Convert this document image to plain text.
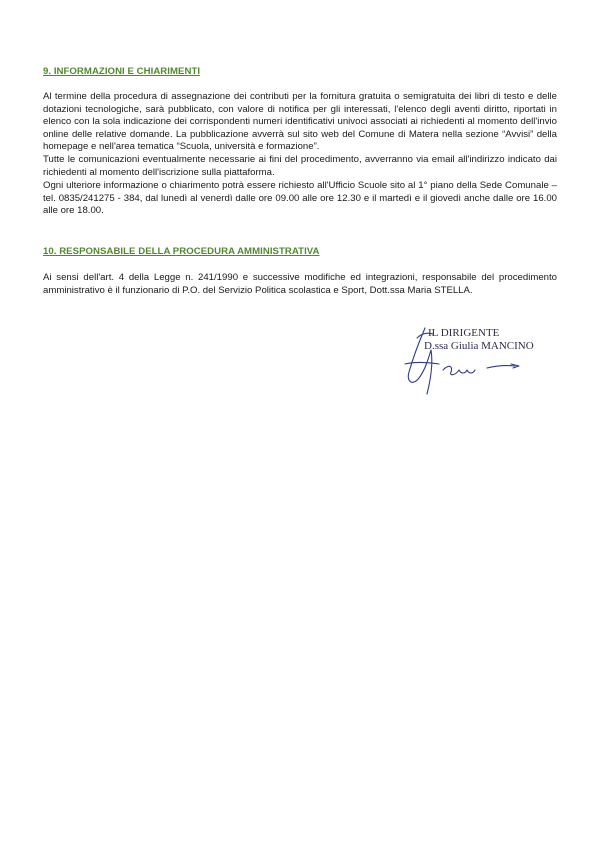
9. INFORMAZIONI E CHIARIMENTI

Al termine della procedura di assegnazione dei contributi per la fornitura gratuita o semigratuita dei libri di testo e delle dotazioni tecnologiche, sarà pubblicato, con valore di notifica per gli interessati, l'elenco degli aventi diritto, riportati in elenco con la sola indicazione dei corrispondenti numeri identificativi univoci associati ai richiedenti al momento dell'invio online delle relative domande. La pubblicazione avverrà sul sito web del Comune di Matera nella sezione “Avvisi” della homepage e nell'area tematica “Scuola, università e formazione”.

Tutte le comunicazioni eventualmente necessarie ai fini del procedimento, avverranno via email all'indirizzo indicato dai richiedenti al momento dell'iscrizione sulla piattaforma.

Ogni ulteriore informazione o chiarimento potrà essere richiesto all'Ufficio Scuole sito al 1° piano della Sede Comunale – tel. 0835/241275 - 384, dal lunedì al venerdì dalle ore 09.00 alle ore 12.30 e il martedì e il giovedì anche dalle ore 16.00 alle ore 18.00.

10. RESPONSABILE DELLA PROCEDURA AMMINISTRATIVA

Ai sensi dell'art. 4 della Legge n. 241/1990 e successive modifiche ed integrazioni, responsabile del procedimento amministrativo è il funzionario di P.O. del Servizio Politica scolastica e Sport, Dott.ssa Maria STELLA.

IL DIRIGENTE

D.ssa Giulia MANCINO
